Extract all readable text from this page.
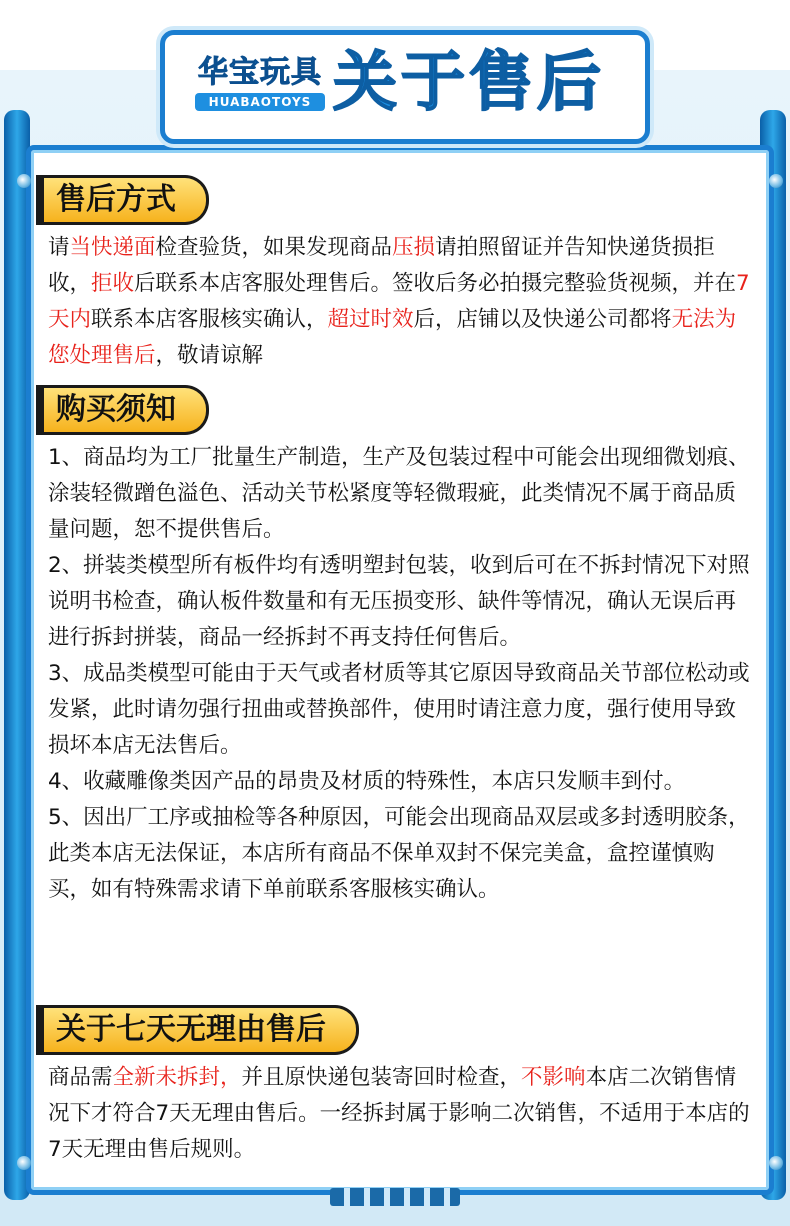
华宝玩具
HUABAOTOYS 关于售后
售后方式

请当快递面检查验货，如果发现商品压损请拍照留证并告知快递货损拒收，拒收后联系本店客服处理售后。签收后务必拍摄完整验货视频，并在7天内联系本店客服核实确认，超过时效后，店铺以及快递公司都将无法为您处理售后，敬请谅解

购买须知

1、商品均为工厂批量生产制造，生产及包装过程中可能会出现细微划痕、涂装轻微蹭色溢色、活动关节松紧度等轻微瑕疵，此类情况不属于商品质量问题，恕不提供售后。

2、拼装类模型所有板件均有透明塑封包装，收到后可在不拆封情况下对照说明书检查，确认板件数量和有无压损变形、缺件等情况，确认无误后再进行拆封拼装，商品一经拆封不再支持任何售后。

3、成品类模型可能由于天气或者材质等其它原因导致商品关节部位松动或发紧，此时请勿强行扭曲或替换部件，使用时请注意力度，强行使用导致损坏本店无法售后。

4、收藏雕像类因产品的昂贵及材质的特殊性，本店只发顺丰到付。

5、因出厂工序或抽检等各种原因，可能会出现商品双层或多封透明胶条，此类本店无法保证，本店所有商品不保单双封不保完美盒，盒控谨慎购买，如有特殊需求请下单前联系客服核实确认。

关于七天无理由售后

商品需全新未拆封，并且原快递包装寄回时检查，不影响本店二次销售情况下才符合7天无理由售后。一经拆封属于影响二次销售，不适用于本店的7天无理由售后规则。
